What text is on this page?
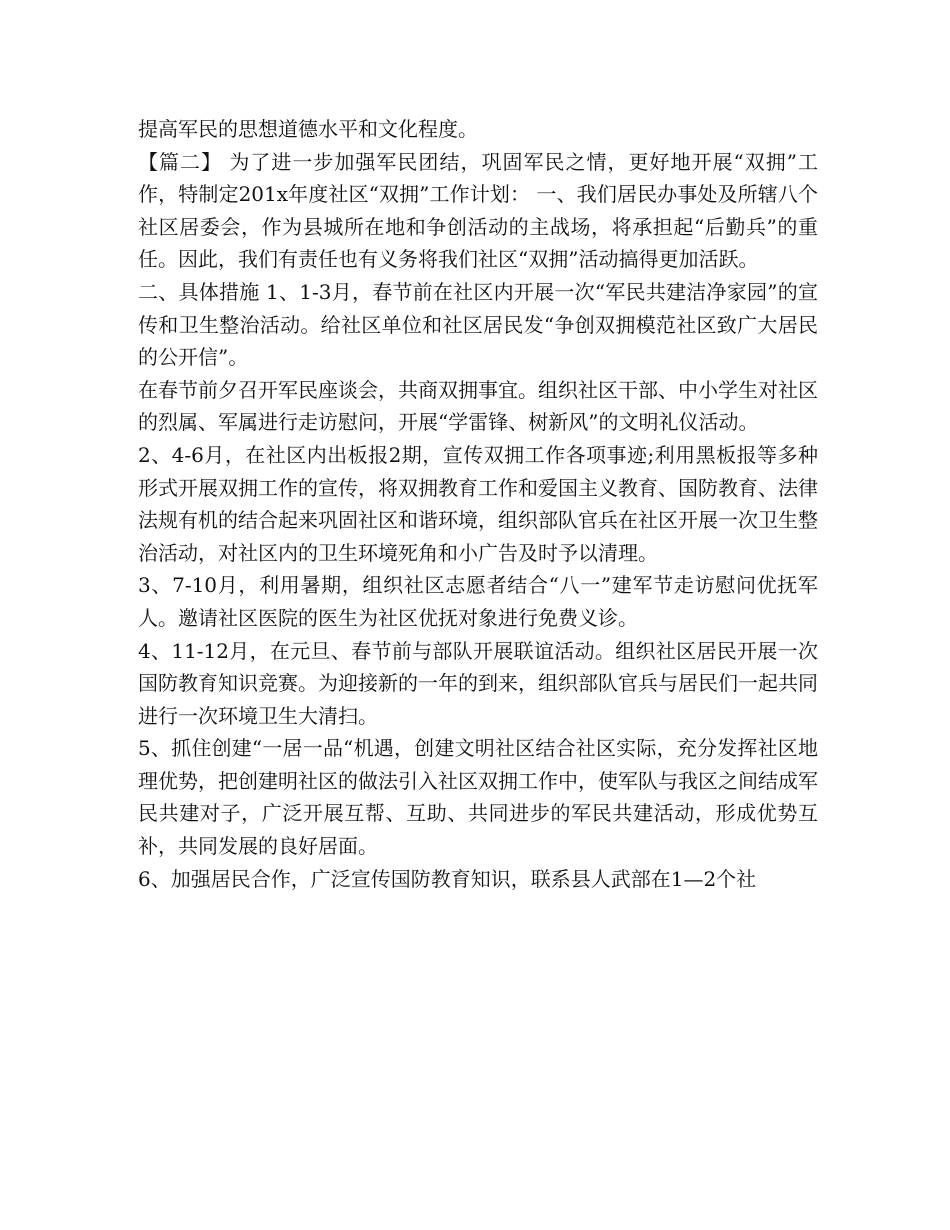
提高军民的思想道德水平和文化程度。

【篇二】 为了进一步加强军民团结，巩固军民之情，更好地开展“双拥”工作，特制定201x年度社区“双拥”工作计划： 一、我们居民办事处及所辖八个社区居委会，作为县城所在地和争创活动的主战场，将承担起“后勤兵”的重任。因此，我们有责任也有义务将我们社区“双拥”活动搞得更加活跃。

二、具体措施 1、1-3月，春节前在社区内开展一次“军民共建洁净家园”的宣传和卫生整治活动。给社区单位和社区居民发“争创双拥模范社区致广大居民的公开信”。

在春节前夕召开军民座谈会，共商双拥事宜。组织社区干部、中小学生对社区的烈属、军属进行走访慰问，开展“学雷锋、树新风”的文明礼仪活动。

2、4-6月，在社区内出板报2期，宣传双拥工作各项事迹;利用黑板报等多种形式开展双拥工作的宣传，将双拥教育工作和爱国主义教育、国防教育、法律法规有机的结合起来巩固社区和谐环境，组织部队官兵在社区开展一次卫生整治活动，对社区内的卫生环境死角和小广告及时予以清理。

3、7-10月，利用暑期，组织社区志愿者结合“八一”建军节走访慰问优抚军人。邀请社区医院的医生为社区优抚对象进行免费义诊。

4、11-12月，在元旦、春节前与部队开展联谊活动。组织社区居民开展一次国防教育知识竞赛。为迎接新的一年的到来，组织部队官兵与居民们一起共同进行一次环境卫生大清扫。

5、抓住创建“一居一品“机遇，创建文明社区结合社区实际，充分发挥社区地理优势，把创建明社区的做法引入社区双拥工作中，使军队与我区之间结成军民共建对子，广泛开展互帮、互助、共同进步的军民共建活动，形成优势互补，共同发展的良好居面。

6、加强居民合作，广泛宣传国防教育知识，联系县人武部在1—2个社
